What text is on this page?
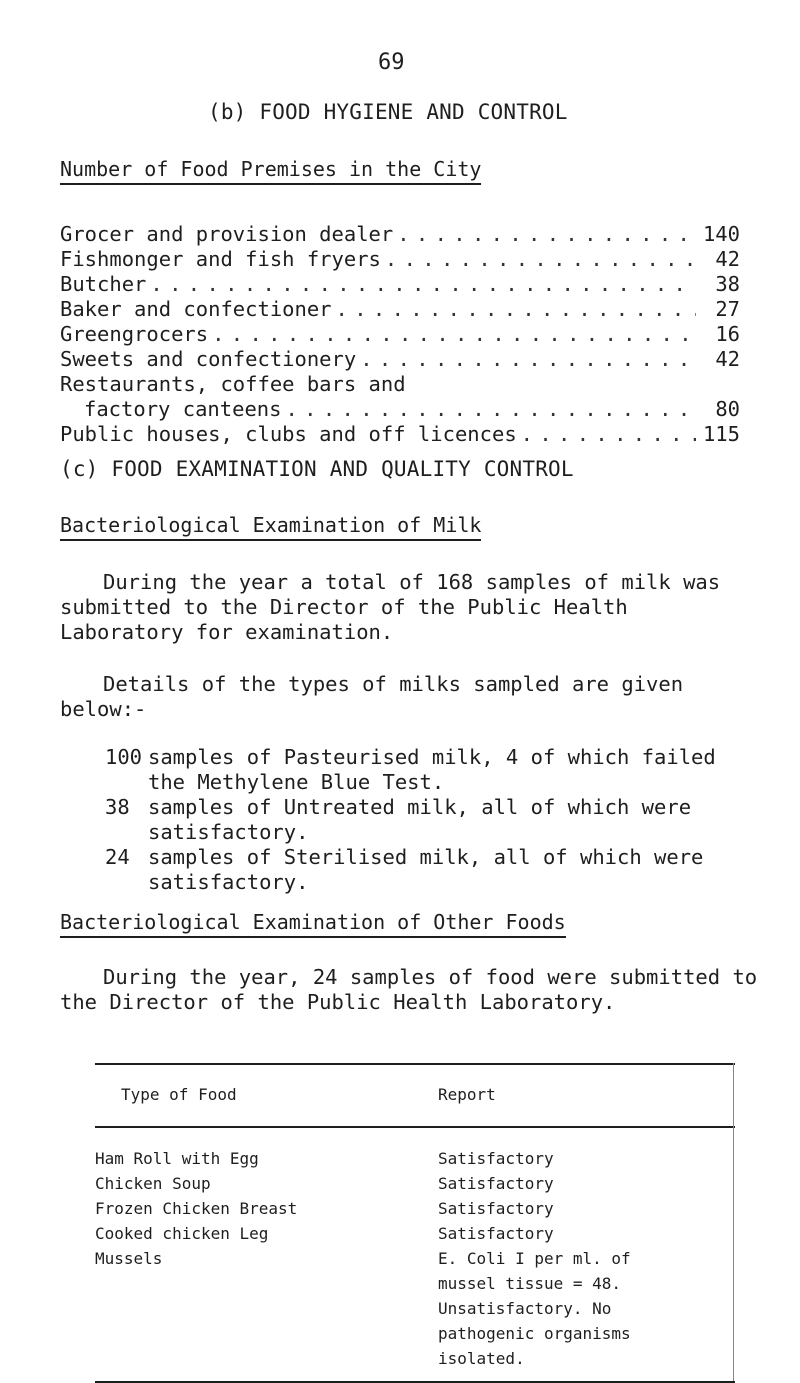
69
(b) FOOD HYGIENE AND CONTROL
Number of Food Premises in the City
Grocer and provision dealer . . .	140
Fishmonger and fish fryers . . .	42
Butcher . . .	38
Baker and confectioner . . .	27
Greengrocers . . .	16
Sweets and confectionery . . .	42
Restaurants, coffee bars and
factory canteens . . .	80
Public houses, clubs and off licences . . .	115
(c) FOOD EXAMINATION AND QUALITY CONTROL
Bacteriological Examination of Milk

During the year a total of 168 samples of milk was submitted to the Director of the Public Health Laboratory for examination.

Details of the types of milks sampled are given below:-

100 samples of Pasteurised milk, 4 of which failed the Methylene Blue Test.
38 samples of Untreated milk, all of which were satisfactory.
24 samples of Sterilised milk, all of which were satisfactory.
Bacteriological Examination of Other Foods

During the year, 24 samples of food were submitted to the Director of the Public Health Laboratory.

Type of Food	Report
Ham Roll with Egg	Satisfactory
Chicken Soup	Satisfactory
Frozen Chicken Breast	Satisfactory
Cooked chicken Leg	Satisfactory
Mussels	E. Coli I per ml. of
mussel tissue = 48.
Unsatisfactory. No
pathogenic organisms
isolated.
